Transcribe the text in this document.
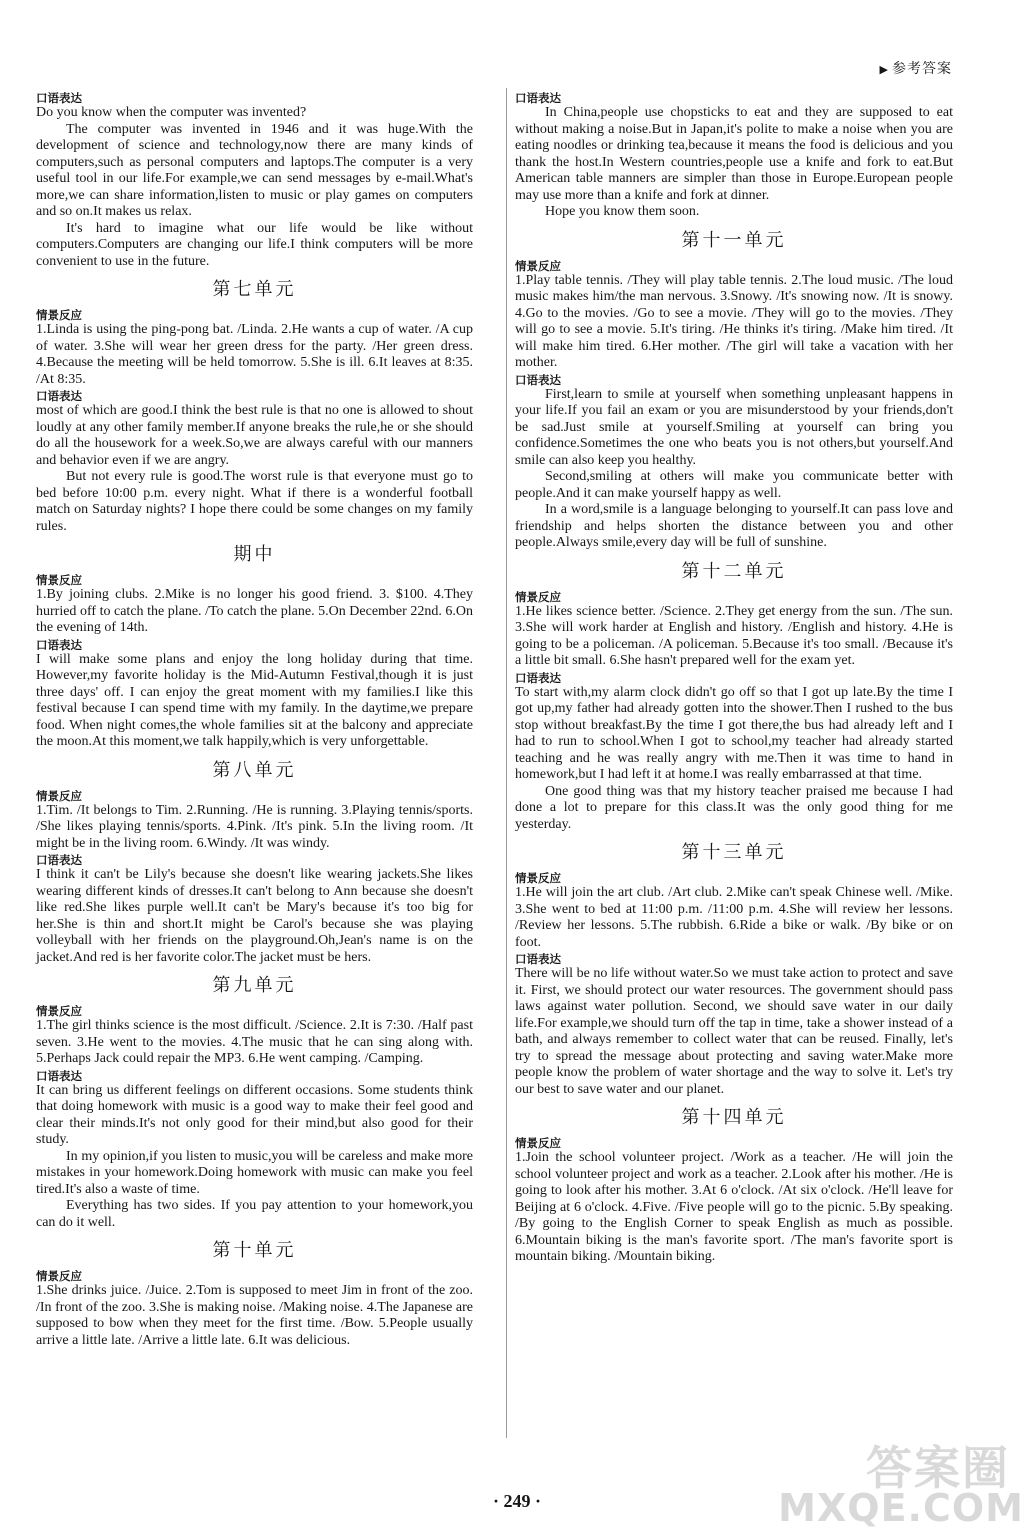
▶ 参考答案
口语表达

Do you know when the computer was invented?

The computer was invented in 1946 and it was huge.With the development of science and technology,now there are many kinds of computers,such as personal computers and laptops.The computer is a very useful tool in our life.For example,we can send messages by e-mail.What's more,we can share information,listen to music or play games on computers and so on.It makes us relax.

It's hard to imagine what our life would be like without computers.Computers are changing our life.I think computers will be more convenient to use in the future.

第七单元
情景反应

1.Linda is using the ping-pong bat. /Linda. 2.He wants a cup of water. /A cup of water. 3.She will wear her green dress for the party. /Her green dress. 4.Because the meeting will be held tomorrow. 5.She is ill. 6.It leaves at 8:35. /At 8:35.

口语表达

most of which are good.I think the best rule is that no one is allowed to shout loudly at any other family member.If anyone breaks the rule,he or she should do all the housework for a week.So,we are always careful with our manners and behavior even if we are angry.

But not every rule is good.The worst rule is that everyone must go to bed before 10:00 p.m. every night. What if there is a wonderful football match on Saturday nights? I hope there could be some changes on my family rules.

期中
情景反应

1.By joining clubs. 2.Mike is no longer his good friend. 3. $100. 4.They hurried off to catch the plane. /To catch the plane. 5.On December 22nd. 6.On the evening of 14th.

口语表达

I will make some plans and enjoy the long holiday during that time. However,my favorite holiday is the Mid-Autumn Festival,though it is just three days' off. I can enjoy the great moment with my families.I like this festival because I can spend time with my family. In the daytime,we prepare food. When night comes,the whole families sit at the balcony and appreciate the moon.At this moment,we talk happily,which is very unforgettable.

第八单元
情景反应

1.Tim. /It belongs to Tim. 2.Running. /He is running. 3.Playing tennis/sports. /She likes playing tennis/sports. 4.Pink. /It's pink. 5.In the living room. /It might be in the living room. 6.Windy. /It was windy.

口语表达

I think it can't be Lily's because she doesn't like wearing jackets.She likes wearing different kinds of dresses.It can't belong to Ann because she doesn't like red.She likes purple well.It can't be Mary's because it's too big for her.She is thin and short.It might be Carol's because she was playing volleyball with her friends on the playground.Oh,Jean's name is on the jacket.And red is her favorite color.The jacket must be hers.

第九单元
情景反应

1.The girl thinks science is the most difficult. /Science. 2.It is 7:30. /Half past seven. 3.He went to the movies. 4.The music that he can sing along with. 5.Perhaps Jack could repair the MP3. 6.He went camping. /Camping.

口语表达

It can bring us different feelings on different occasions. Some students think that doing homework with music is a good way to make their feel good and clear their minds.It's not only good for their mind,but also good for their study.

In my opinion,if you listen to music,you will be careless and make more mistakes in your homework.Doing homework with music can make you feel tired.It's also a waste of time.

Everything has two sides. If you pay attention to your homework,you can do it well.

第十单元
情景反应

1.She drinks juice. /Juice. 2.Tom is supposed to meet Jim in front of the zoo. /In front of the zoo. 3.She is making noise. /Making noise. 4.The Japanese are supposed to bow when they meet for the first time. /Bow. 5.People usually arrive a little late. /Arrive a little late. 6.It was delicious.

口语表达

In China,people use chopsticks to eat and they are supposed to eat without making a noise.But in Japan,it's polite to make a noise when you are eating noodles or drinking tea,because it means the food is delicious and you thank the host.In Western countries,people use a knife and fork to eat.But American table manners are simpler than those in Europe.European people may use more than a knife and fork at dinner.

Hope you know them soon.

第十一单元
情景反应

1.Play table tennis. /They will play table tennis. 2.The loud music. /The loud music makes him/the man nervous. 3.Snowy. /It's snowing now. /It is snowy. 4.Go to the movies. /Go to see a movie. /They will go to the movies. /They will go to see a movie. 5.It's tiring. /He thinks it's tiring. /Make him tired. /It will make him tired. 6.Her mother. /The girl will take a vacation with her mother.

口语表达

First,learn to smile at yourself when something unpleasant happens in your life.If you fail an exam or you are misunderstood by your friends,don't be sad.Just smile at yourself.Smiling at yourself can bring you confidence.Sometimes the one who beats you is not others,but yourself.And smile can also keep you healthy.

Second,smiling at others will make you communicate better with people.And it can make yourself happy as well.

In a word,smile is a language belonging to yourself.It can pass love and friendship and helps shorten the distance between you and other people.Always smile,every day will be full of sunshine.

第十二单元
情景反应

1.He likes science better. /Science. 2.They get energy from the sun. /The sun. 3.She will work harder at English and history. /English and history. 4.He is going to be a policeman. /A policeman. 5.Because it's too small. /Because it's a little bit small. 6.She hasn't prepared well for the exam yet.

口语表达

To start with,my alarm clock didn't go off so that I got up late.By the time I got up,my father had already gotten into the shower.Then I rushed to the bus stop without breakfast.By the time I got there,the bus had already left and I had to run to school.When I got to school,my teacher had already started teaching and he was really angry with me.Then it was time to hand in homework,but I had left it at home.I was really embarrassed at that time.

One good thing was that my history teacher praised me because I had done a lot to prepare for this class.It was the only good thing for me yesterday.

第十三单元
情景反应

1.He will join the art club. /Art club. 2.Mike can't speak Chinese well. /Mike. 3.She went to bed at 11:00 p.m. /11:00 p.m. 4.She will review her lessons. /Review her lessons. 5.The rubbish. 6.Ride a bike or walk. /By bike or on foot.

口语表达

There will be no life without water.So we must take action to protect and save it. First, we should protect our water resources. The government should pass laws against water pollution. Second, we should save water in our daily life.For example,we should turn off the tap in time, take a shower instead of a bath, and always remember to collect water that can be reused. Finally, let's try to spread the message about protecting and saving water.Make more people know the problem of water shortage and the way to solve it. Let's try our best to save water and our planet.

第十四单元
情景反应

1.Join the school volunteer project. /Work as a teacher. /He will join the school volunteer project and work as a teacher. 2.Look after his mother. /He is going to look after his mother. 3.At 6 o'clock. /At six o'clock. /He'll leave for Beijing at 6 o'clock. 4.Five. /Five people will go to the picnic. 5.By speaking. /By going to the English Corner to speak English as much as possible. 6.Mountain biking is the man's favorite sport. /The man's favorite sport is mountain biking. /Mountain biking.

· 249 ·
答案圈
MXQE.COM
